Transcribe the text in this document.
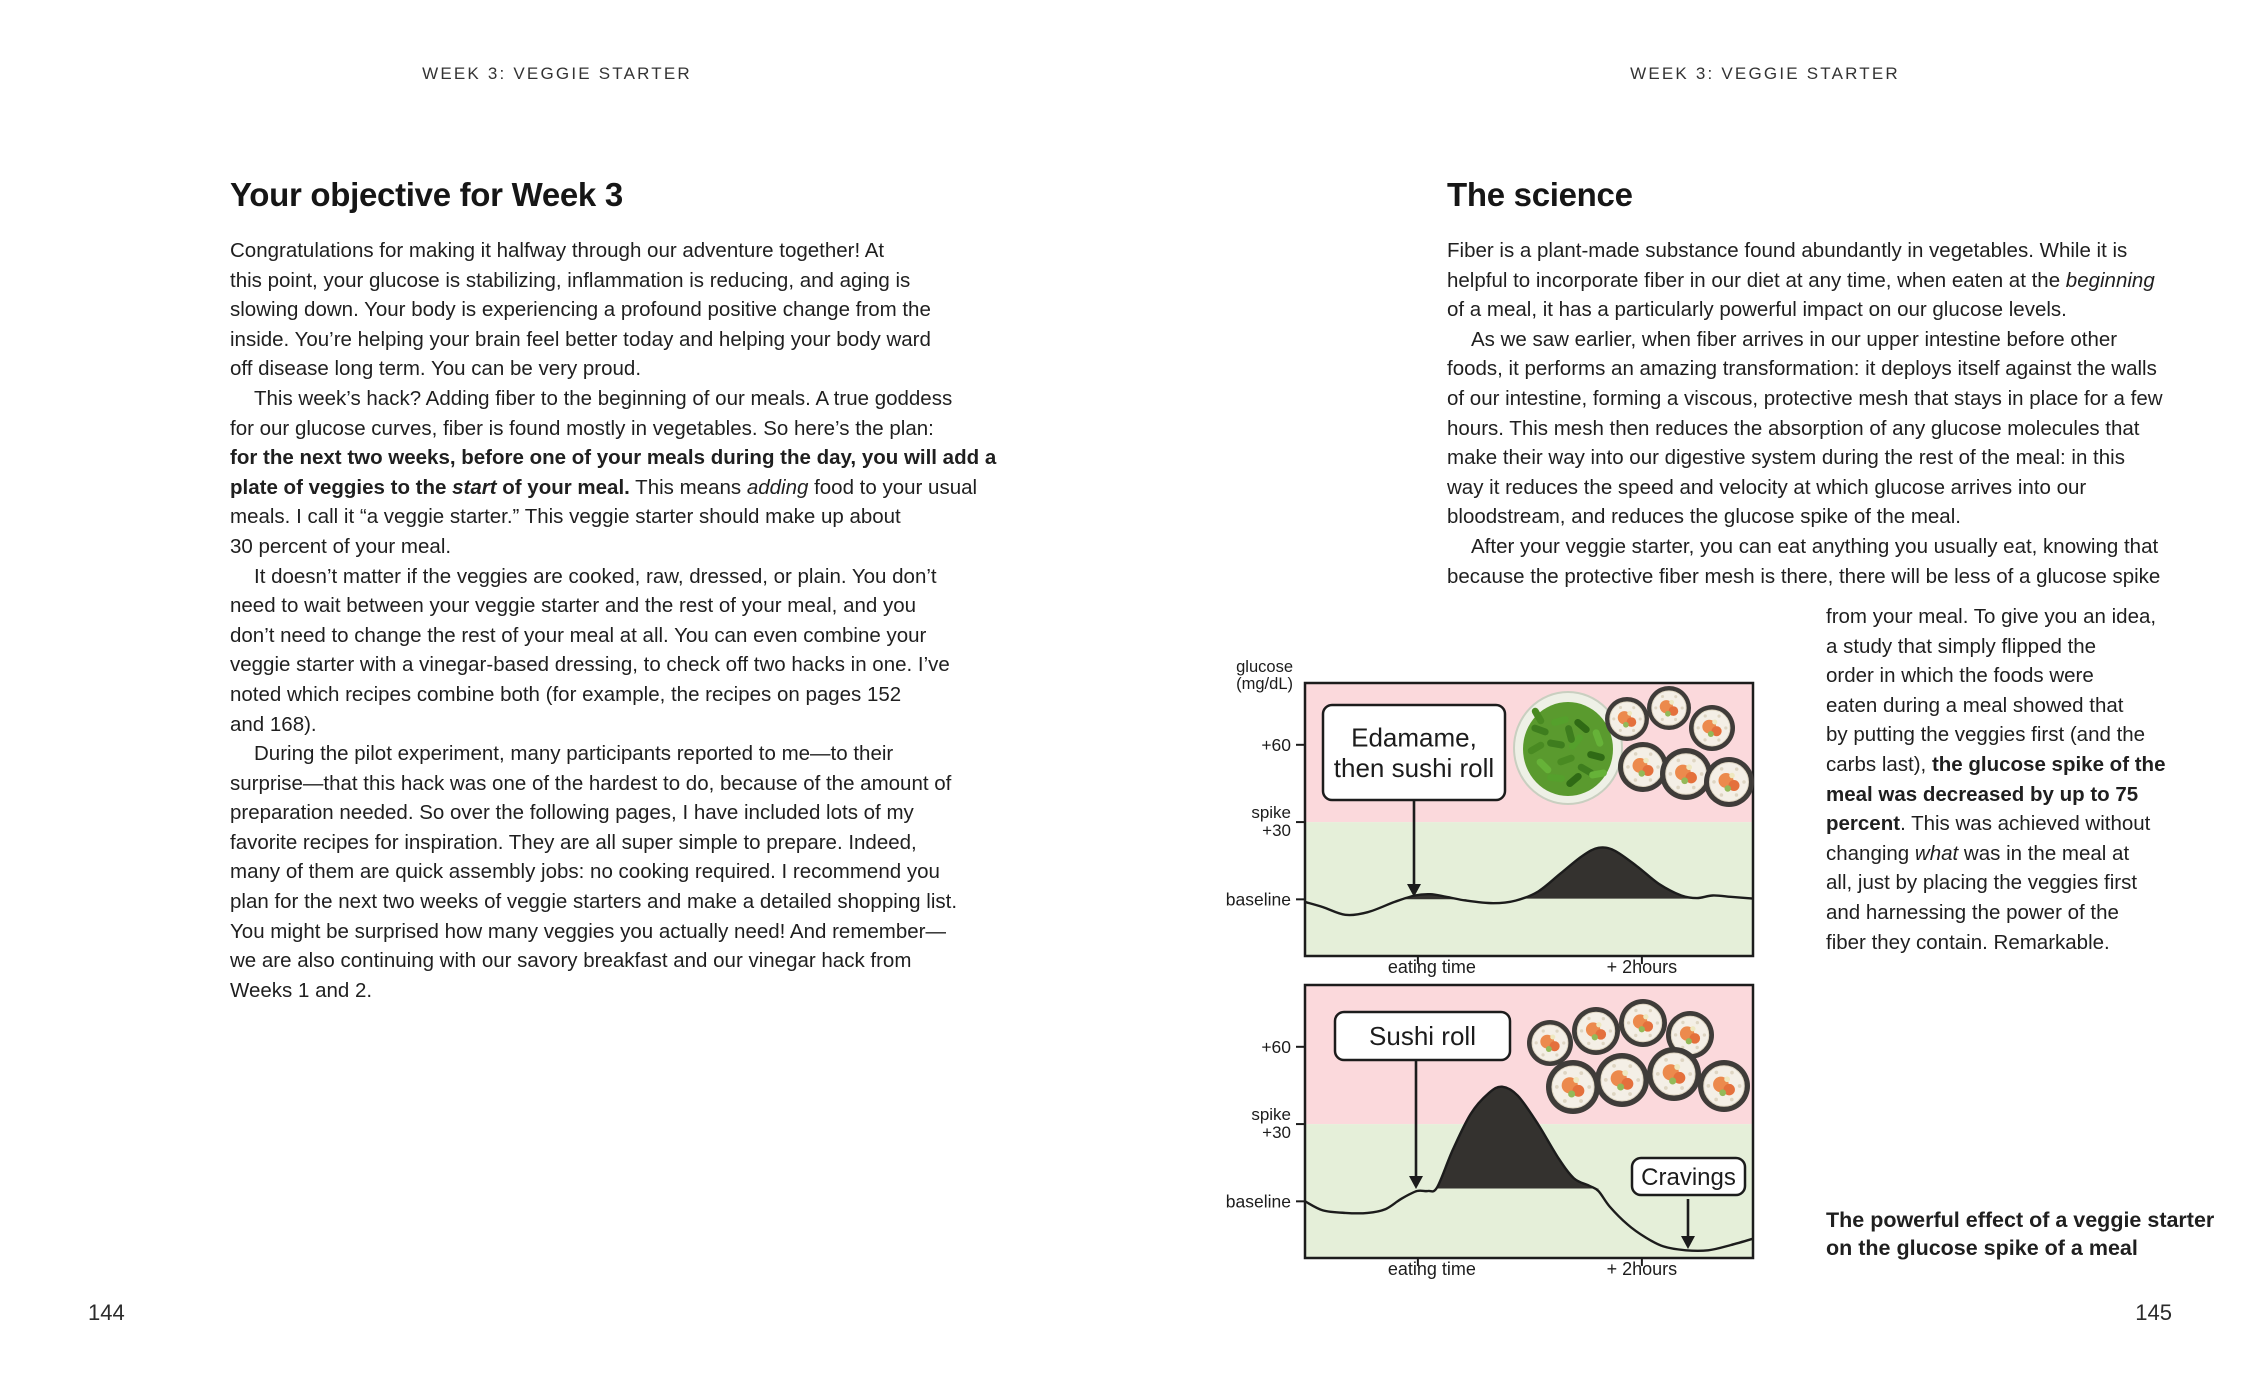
WEEK 3: VEGGIE STARTER
Your objective for Week 3
Congratulations for making it halfway through our adventure together! At
this point, your glucose is stabilizing, inflammation is reducing, and aging is
slowing down. Your body is experiencing a profound positive change from the
inside. You’re helping your brain feel better today and helping your body ward
off disease long term. You can be very proud.
This week’s hack? Adding fiber to the beginning of our meals. A true goddess
for our glucose curves, fiber is found mostly in vegetables. So here’s the plan:
for the next two weeks, before one of your meals during the day, you will add a
plate of veggies to the start of your meal. This means adding food to your usual
meals. I call it “a veggie starter.” This veggie starter should make up about
30 percent of your meal.
It doesn’t matter if the veggies are cooked, raw, dressed, or plain. You don’t
need to wait between your veggie starter and the rest of your meal, and you
don’t need to change the rest of your meal at all. You can even combine your
veggie starter with a vinegar-based dressing, to check off two hacks in one. I’ve
noted which recipes combine both (for example, the recipes on pages 152
and 168).
During the pilot experiment, many participants reported to me—to their
surprise—that this hack was one of the hardest to do, because of the amount of
preparation needed. So over the following pages, I have included lots of my
favorite recipes for inspiration. They are all super simple to prepare. Indeed,
many of them are quick assembly jobs: no cooking required. I recommend you
plan for the next two weeks of veggie starters and make a detailed shopping list.
You might be surprised how many veggies you actually need! And remember—
we are also continuing with our savory breakfast and our vinegar hack from
Weeks 1 and 2.
144
WEEK 3: VEGGIE STARTER
The science
Fiber is a plant-made substance found abundantly in vegetables. While it is
helpful to incorporate fiber in our diet at any time, when eaten at the beginning
of a meal, it has a particularly powerful impact on our glucose levels.
As we saw earlier, when fiber arrives in our upper intestine before other
foods, it performs an amazing transformation: it deploys itself against the walls
of our intestine, forming a viscous, protective mesh that stays in place for a few
hours. This mesh then reduces the absorption of any glucose molecules that
make their way into our digestive system during the rest of the meal: in this
way it reduces the speed and velocity at which glucose arrives into our
bloodstream, and reduces the glucose spike of the meal.
After your veggie starter, you can eat anything you usually eat, knowing that
because the protective fiber mesh is there, there will be less of a glucose spike
from your meal. To give you an idea,
a study that simply flipped the
order in which the foods were
eaten during a meal showed that
by putting the veggies first (and the
carbs last), the glucose spike of the
meal was decreased by up to 75
percent. This was achieved without
changing what was in the meal at
all, just by placing the veggies first
and harnessing the power of the
fiber they contain. Remarkable.
+60
spike
+30
baseline
glucose
(mg/dL)
eating time	+ 2hours
Edamame,
then sushi roll
+60
spike
+30
baseline
eating time	+ 2hours
Sushi roll
Cravings
The powerful effect of a veggie starter
on the glucose spike of a meal
145
